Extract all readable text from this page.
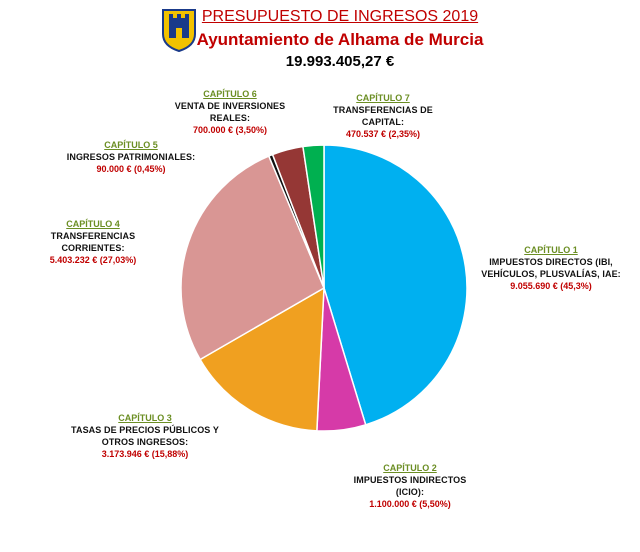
PRESUPUESTO DE INGRESOS 2019
Ayuntamiento de Alhama de Murcia
19.993.405,27 €
CAPÍTULO 1
IMPUESTOS DIRECTOS (IBI, VEHÍCULOS, PLUSVALÍAS, IAE:
9.055.690 € (45,3%)
CAPÍTULO 2
IMPUESTOS INDIRECTOS (ICIO):
1.100.000 € (5,50%)
CAPÍTULO 3
TASAS DE PRECIOS PÚBLICOS Y OTROS INGRESOS:
3.173.946 € (15,88%)
CAPÍTULO 4
TRANSFERENCIAS CORRIENTES:
5.403.232 € (27,03%)
CAPÍTULO 5
INGRESOS PATRIMONIALES:
90.000 € (0,45%)
CAPÍTULO 6
VENTA DE INVERSIONES REALES:
700.000 € (3,50%)
CAPÍTULO 7
TRANSFERENCIAS DE CAPITAL:
470.537 € (2,35%)
